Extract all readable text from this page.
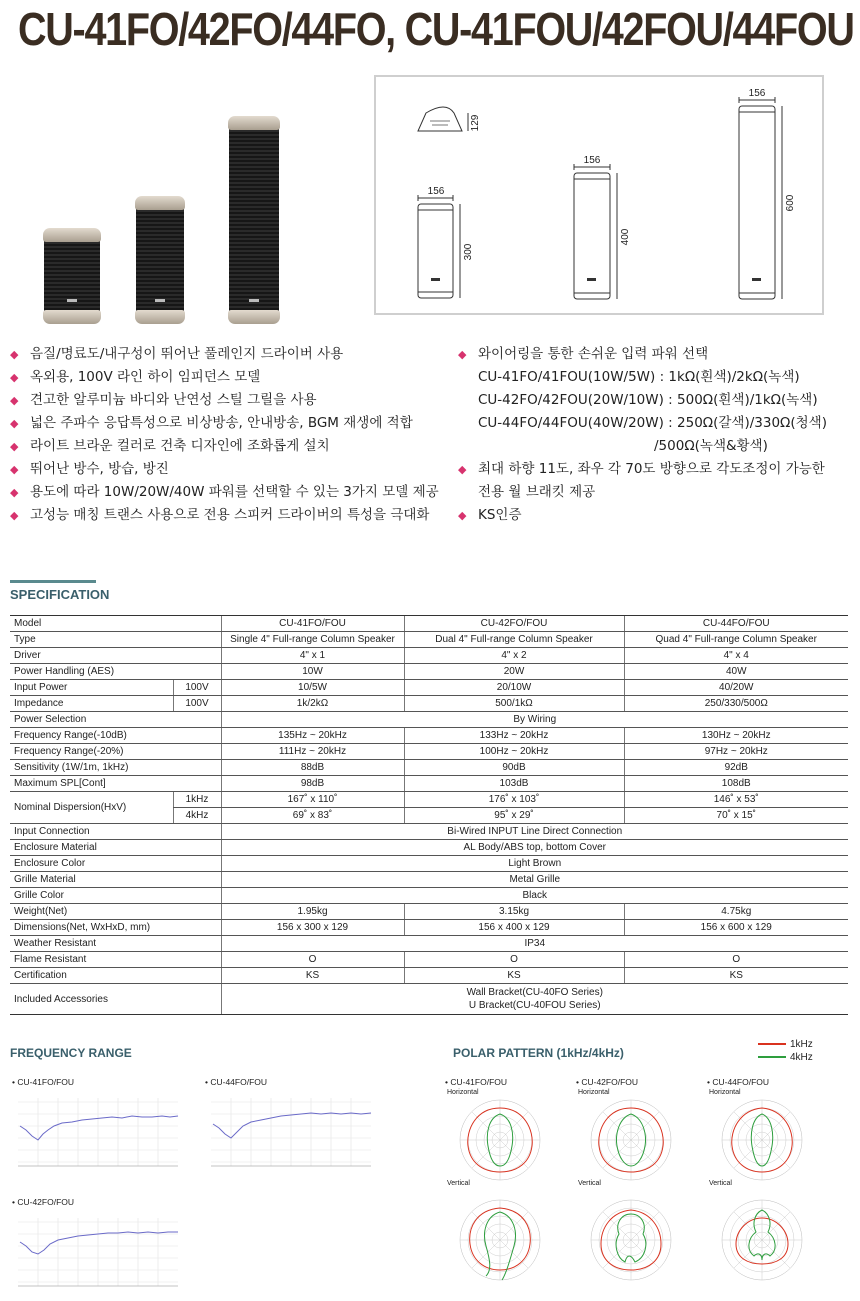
CU-41FO/42FO/44FO, CU-41FOU/42FOU/44FOU
156
300
156
400
156
600
129
◆ 음질/명료도/내구성이 뛰어난 풀레인지 드라이버 사용
◆ 옥외용, 100V 라인 하이 임피던스 모델
◆ 견고한 알루미늄 바디와 난연성 스틸 그릴을 사용
◆ 넓은 주파수 응답특성으로 비상방송, 안내방송, BGM 재생에 적합
◆ 라이트 브라운 컬러로 건축 디자인에 조화롭게 설치
◆ 뛰어난 방수, 방습, 방진
◆ 용도에 따라 10W/20W/40W 파워를 선택할 수 있는 3가지 모델 제공
◆ 고성능 매칭 트랜스 사용으로 전용 스피커 드라이버의 특성을 극대화
◆ 와이어링을 통한 손쉬운 입력 파워 선택
CU-41FO/41FOU(10W/5W) : 1kΩ(흰색)/2kΩ(녹색)
CU-42FO/42FOU(20W/10W) : 500Ω(흰색)/1kΩ(녹색)
CU-44FO/44FOU(40W/20W) : 250Ω(갈색)/330Ω(청색)
/500Ω(녹색&황색)
◆ 최대 하향 11도, 좌우 각 70도 방향으로 각도조정이 가능한
전용 월 브래킷 제공
◆ KS인증
SPECIFICATION
Model		CU-41FO/FOU	CU-42FO/FOU	CU-44FO/FOU
Type		Single 4" Full-range Column Speaker	Dual 4" Full-range Column Speaker	Quad 4" Full-range Column Speaker
Driver		4" x 1	4" x 2	4" x 4
Power Handling (AES)		10W	20W	40W
Input Power	100V	10/5W	20/10W	40/20W
Impedance	100V	1k/2kΩ	500/1kΩ	250/330/500Ω
Power Selection		By Wiring		
Frequency Range(-10dB)		135Hz ~ 20kHz	133Hz ~ 20kHz	130Hz ~ 20kHz
Frequency Range(-20%)		111Hz ~ 20kHz	100Hz ~ 20kHz	97Hz ~ 20kHz
Sensitivity (1W/1m, 1kHz)		88dB	90dB	92dB
Maximum SPL[Cont]		98dB	103dB	108dB
Nominal Dispersion(HxV)	1kHz	167˚ x 110˚	176˚ x 103˚	146˚ x 53˚
	4kHz	69˚ x 83˚	95˚ x 29˚	70˚ x 15˚
Input Connection		Bi-Wired INPUT Line Direct Connection		
Enclosure Material		AL Body/ABS top, bottom Cover		
Enclosure Color		Light Brown		
Grille Material		Metal Grille		
Grille Color		Black		
Weight(Net)		1.95kg	3.15kg	4.75kg
Dimensions(Net, WxHxD, mm)		156 x 300 x 129	156 x 400 x 129	156 x 600 x 129
Weather Resistant		IP34		
Flame Resistant		O	O	O
Certification		KS	KS	KS
Included Accessories		Wall Bracket(CU-40FO Series)
U Bracket(CU-40FOU Series)		
FREQUENCY RANGE	POLAR PATTERN (1kHz/4kHz)
1kHz
4kHz
• CU-41FO/FOU	• CU-44FO/FOU
• CU-42FO/FOU
• CU-41FO/FOU	• CU-42FO/FOU	• CU-44FO/FOU
Horizontal	Horizontal	Horizontal
Vertical	Vertical	Vertical
